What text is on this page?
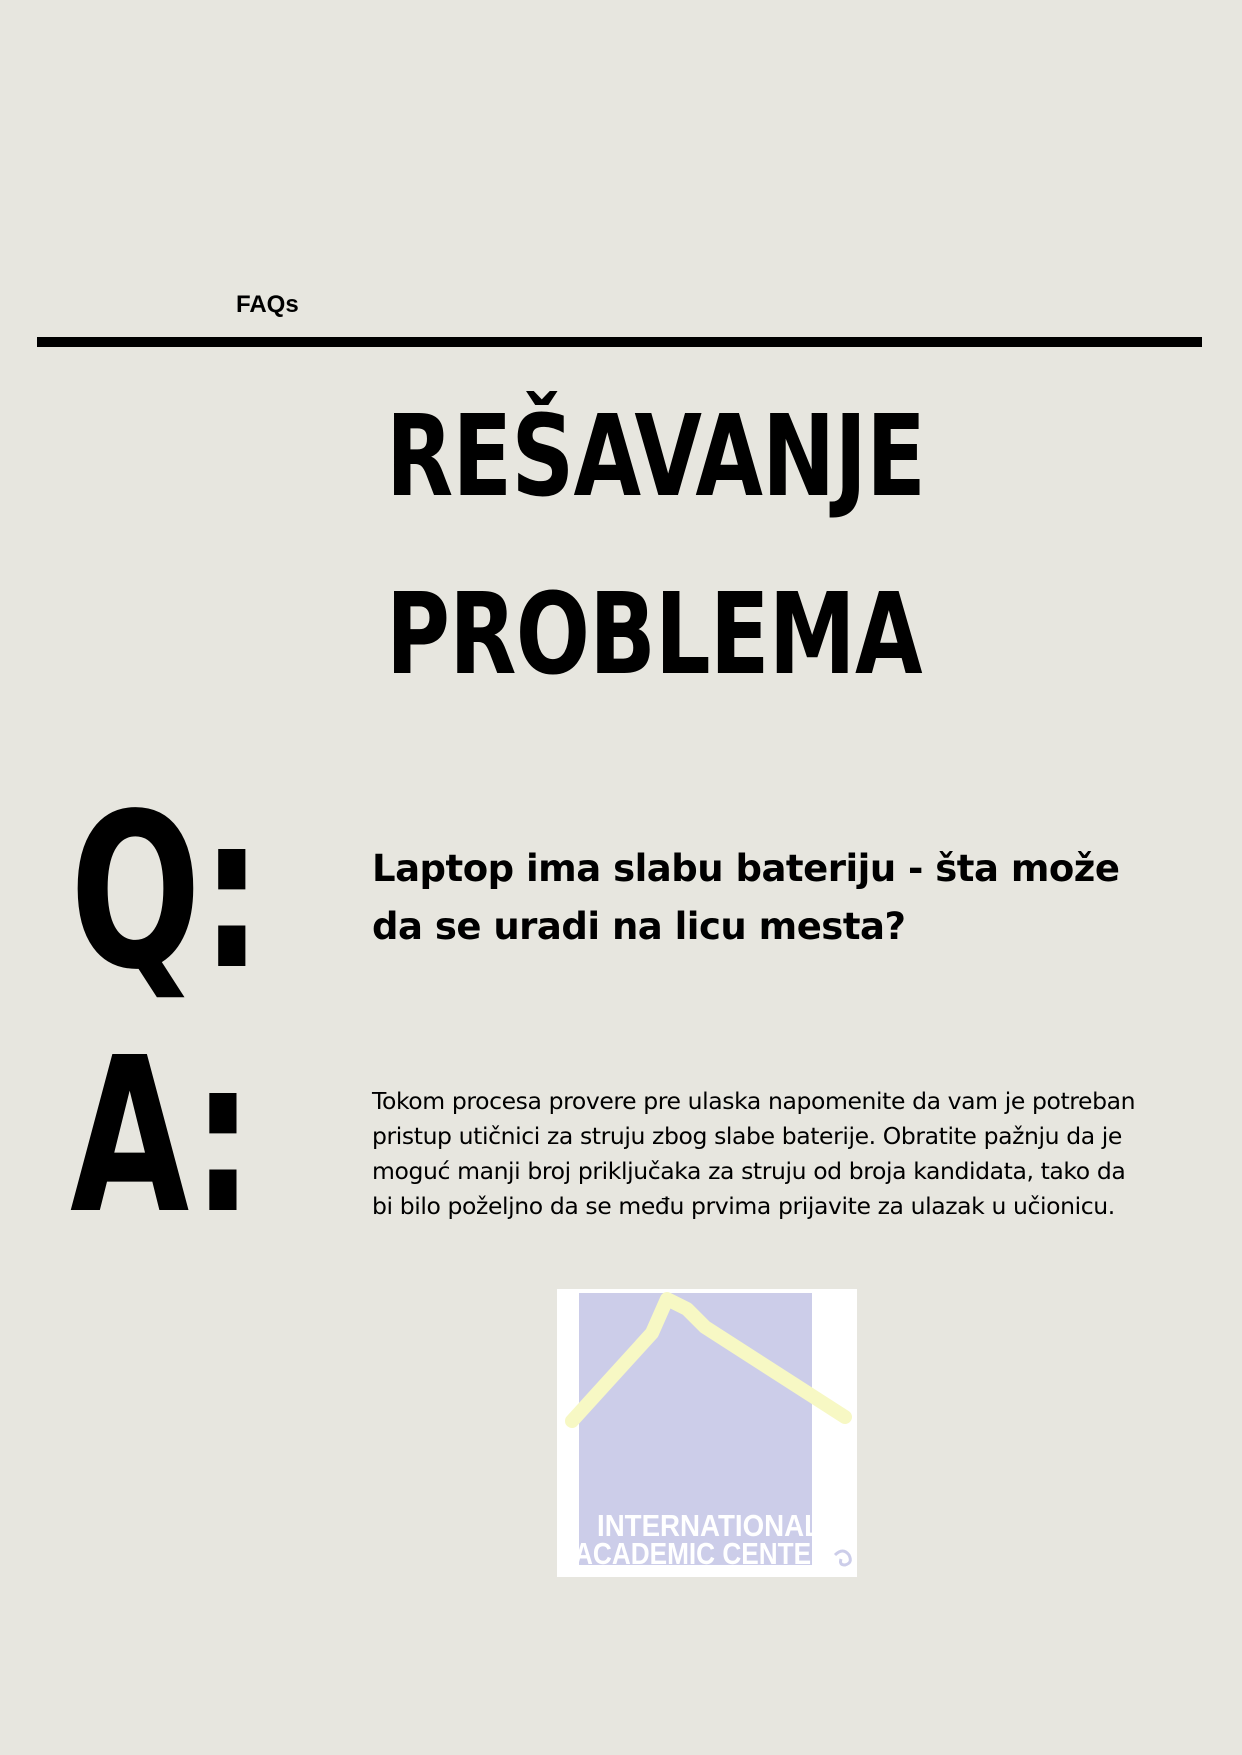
FAQs
REŠAVANJE
PROBLEMA
Q:	Laptop ima slabu bateriju - šta može da se uradi na licu mesta?
A:	Tokom procesa provere pre ulaska napomenite da vam je potreban pristup utičnici za struju zbog slabe baterije. Obratite pažnju da je moguć manji broj priključaka za struju od broja kandidata, tako da bi bilo poželjno da se među prvima prijavite za ulazak u učionicu.
INTERNATIONAL
ACADEMIC CENTER
